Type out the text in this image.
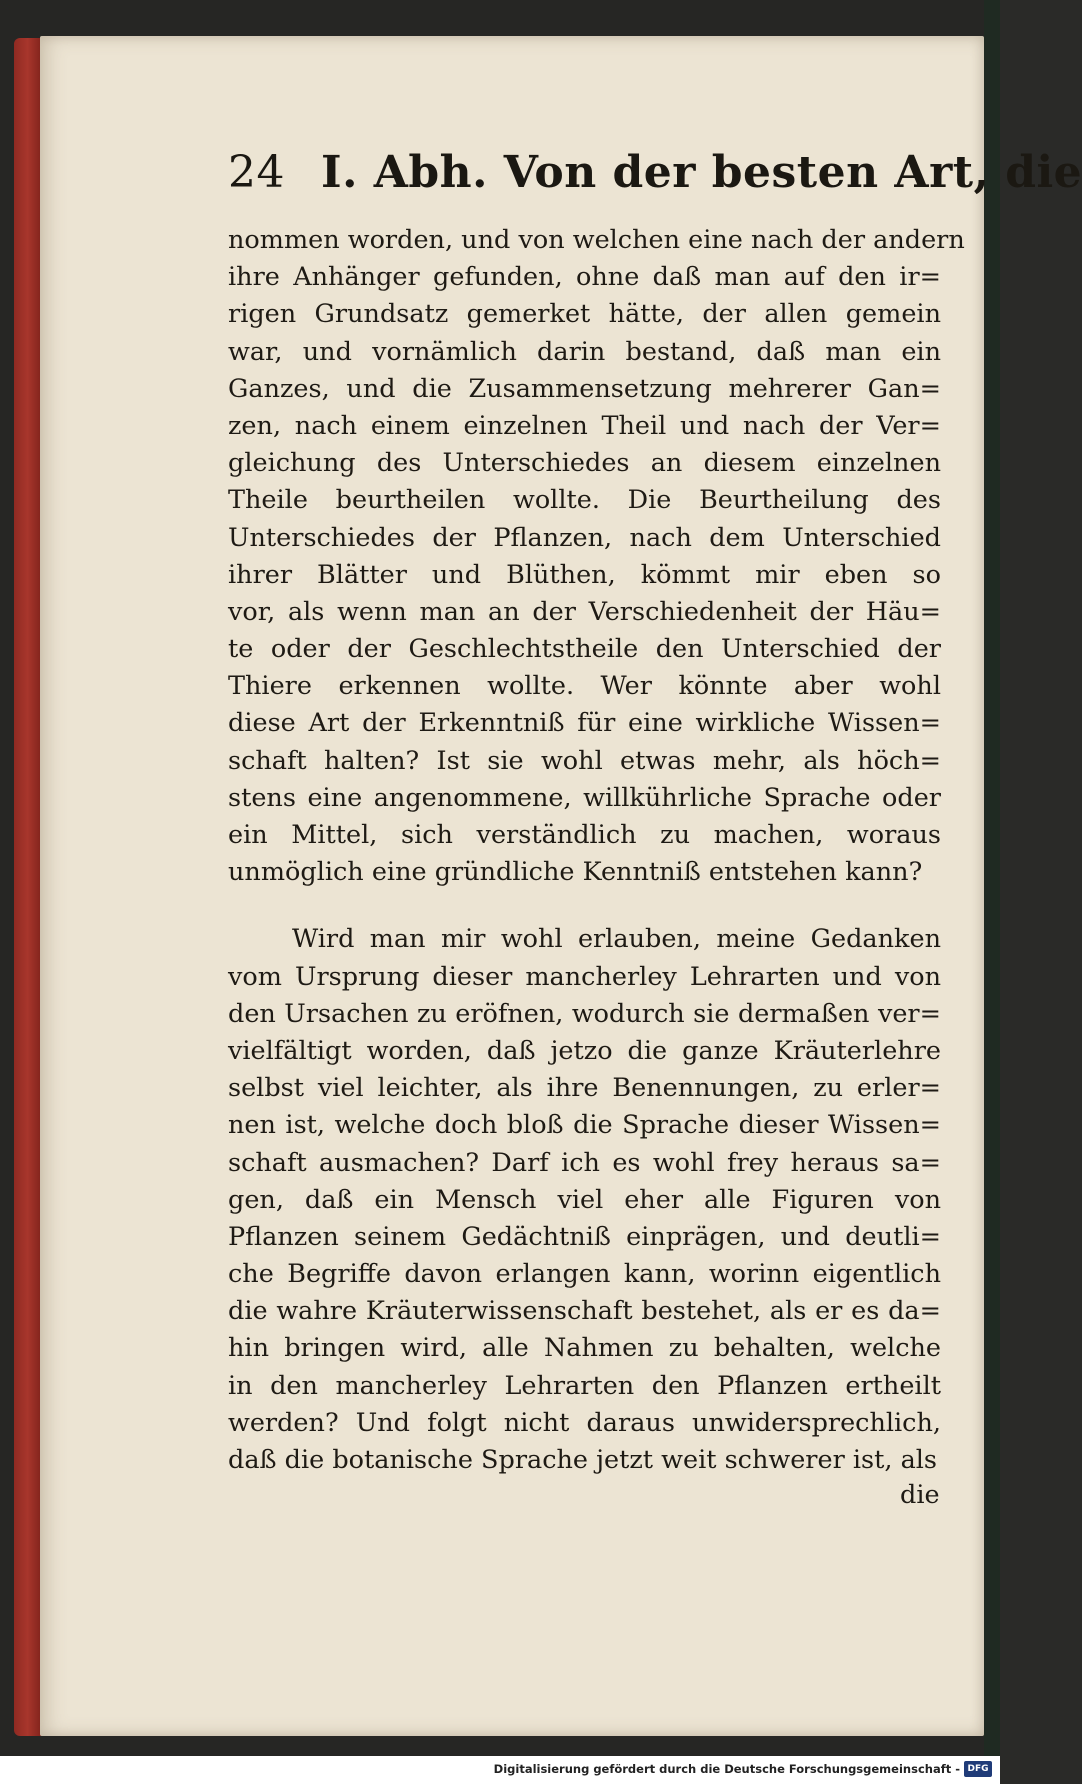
24 I. Abh. Von der besten Art, die
nommen worden, und von welchen eine nach der andern
ihre Anhänger gefunden, ohne daß man auf den ir=
rigen Grundsatz gemerket hätte, der allen gemein
war, und vornämlich darin bestand, daß man ein
Ganzes, und die Zusammensetzung mehrerer Gan=
zen, nach einem einzelnen Theil und nach der Ver=
gleichung des Unterschiedes an diesem einzelnen
Theile beurtheilen wollte. Die Beurtheilung des
Unterschiedes der Pflanzen, nach dem Unterschied
ihrer Blätter und Blüthen, kömmt mir eben so
vor, als wenn man an der Verschiedenheit der Häu=
te oder der Geschlechtstheile den Unterschied der
Thiere erkennen wollte. Wer könnte aber wohl
diese Art der Erkenntniß für eine wirkliche Wissen=
schaft halten? Ist sie wohl etwas mehr, als höch=
stens eine angenommene, willkührliche Sprache oder
ein Mittel, sich verständlich zu machen, woraus
unmöglich eine gründliche Kenntniß entstehen kann?
Wird man mir wohl erlauben, meine Gedanken
vom Ursprung dieser mancherley Lehrarten und von
den Ursachen zu eröfnen, wodurch sie dermaßen ver=
vielfältigt worden, daß jetzo die ganze Kräuterlehre
selbst viel leichter, als ihre Benennungen, zu erler=
nen ist, welche doch bloß die Sprache dieser Wissen=
schaft ausmachen? Darf ich es wohl frey heraus sa=
gen, daß ein Mensch viel eher alle Figuren von
Pflanzen seinem Gedächtniß einprägen, und deutli=
che Begriffe davon erlangen kann, worinn eigentlich
die wahre Kräuterwissenschaft bestehet, als er es da=
hin bringen wird, alle Nahmen zu behalten, welche
in den mancherley Lehrarten den Pflanzen ertheilt
werden? Und folgt nicht daraus unwidersprechlich,
daß die botanische Sprache jetzt weit schwerer ist, als
die
Digitalisierung gefördert durch die Deutsche Forschungsgemeinschaft - DFG
